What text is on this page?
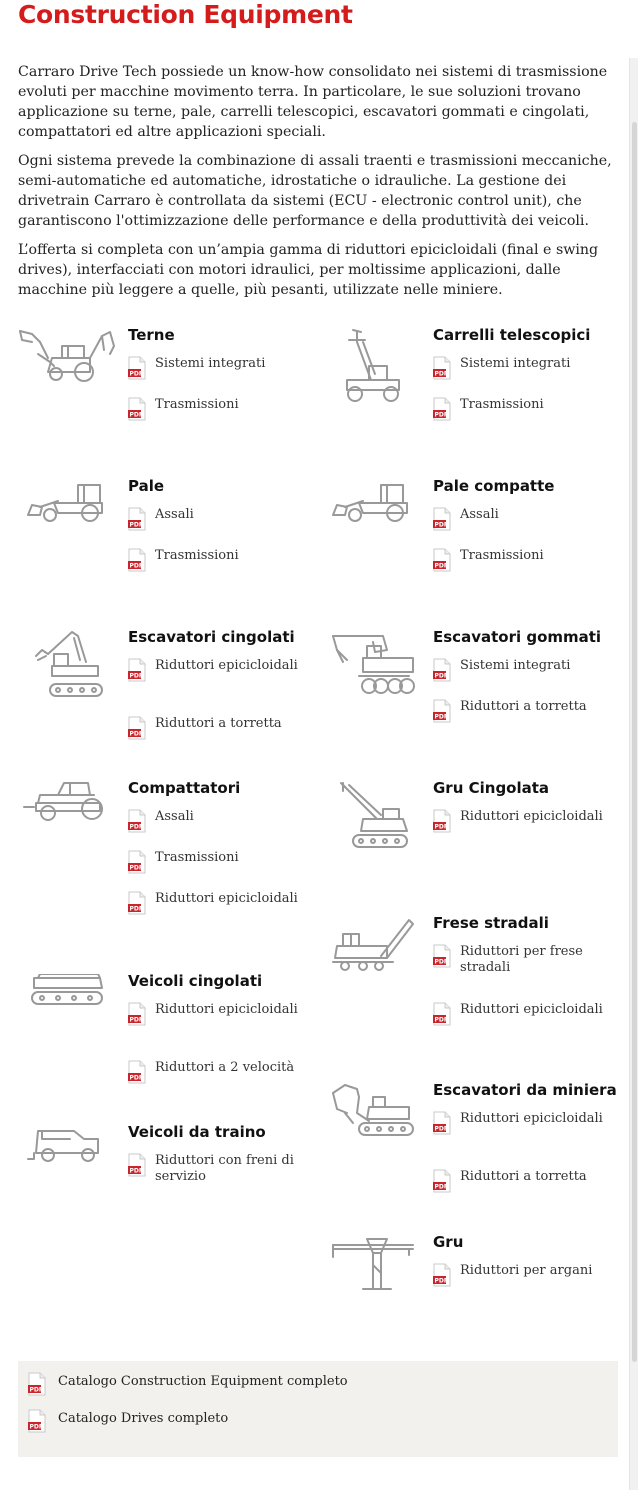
Construction Equipment

Carraro Drive Tech possiede un know-how consolidato nei sistemi di trasmissione evoluti per macchine movimento terra. In particolare, le sue soluzioni trovano applicazione su terne, pale, carrelli telescopici, escavatori gommati e cingolati, compattatori ed altre applicazioni speciali.

Ogni sistema prevede la combinazione di assali traenti e trasmissioni meccaniche, semi-automatiche ed automatiche, idrostatiche o idrauliche. La gestione dei drivetrain Carraro è controllata da sistemi (ECU - electronic control unit), che garantiscono l'ottimizzazione delle performance e della produttività dei veicoli.

L’offerta si completa con un’ampia gamma di riduttori epicicloidali (final e swing drives), interfacciati con motori idraulici, per moltissime applicazioni, dalle macchine più leggere a quelle, più pesanti, utilizzate nelle miniere.

Terne
PDF
Sistemi integrati
PDF
Trasmissioni
Carrelli telescopici
PDF
Sistemi integrati
PDF
Trasmissioni
Pale
PDF
Assali
PDF
Trasmissioni
Pale compatte
PDF
Assali
PDF
Trasmissioni
Escavatori cingolati
PDF
Riduttori epicicloidali
PDF
Riduttori a torretta
Escavatori gommati
PDF
Sistemi integrati
PDF
Riduttori a torretta
Compattatori
PDF
Assali
PDF
Trasmissioni
PDF
Riduttori epicicloidali
Gru Cingolata
PDF
Riduttori epicicloidali
Frese stradali
PDF
Riduttori per frese stradali
PDF
Riduttori epicicloidali
Veicoli cingolati
PDF
Riduttori epicicloidali
PDF
Riduttori a 2 velocità
Escavatori da miniera
PDF
Riduttori epicicloidali
PDF
Riduttori a torretta
Veicoli da traino
PDF
Riduttori con freni di servizio
Gru
PDF
Riduttori per argani
PDF
Catalogo Construction Equipment completo
PDF
Catalogo Drives completo
